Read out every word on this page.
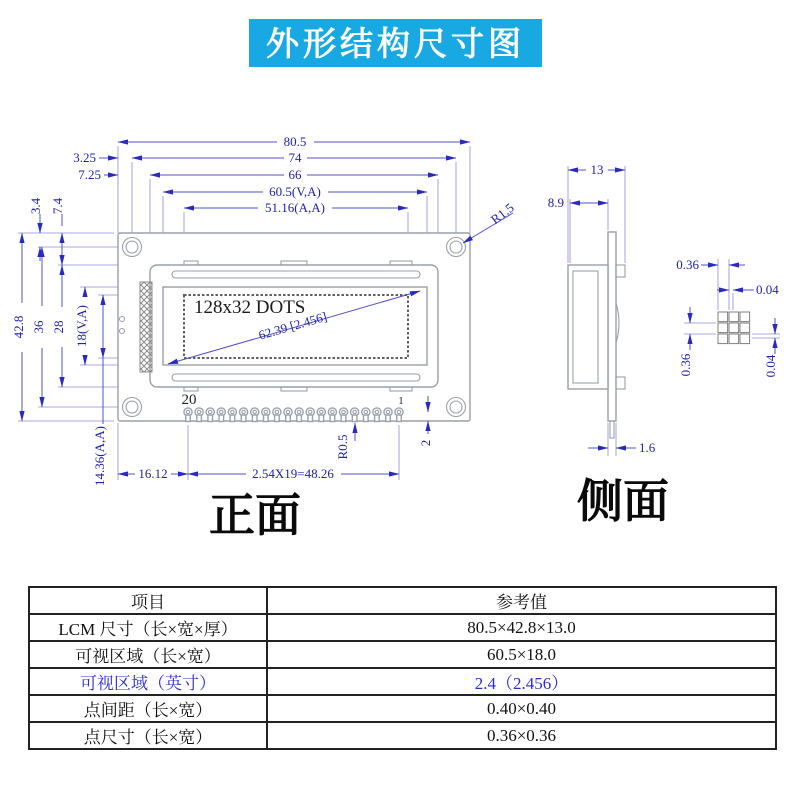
外形结构尺寸图
128x32 DOTS
62.39 [2.456]
20	1
80.5
74
3.25
66
7.25
60.5(V,A)
51.16(A,A)
42.8 36 28 18(V,A)
14.36(A,A)
3.4 7.4
16.12	2.54X19=48.26
R0.5	2
R1.5
正面
13
8.9
1.6
侧面
0.36
0.04
0.36	0.04
项目	参考值
LCM 尺寸（长×宽×厚）	80.5×42.8×13.0
可视区域（长×宽）	60.5×18.0
可视区域（英寸）	2.4（2.456）
点间距（长×宽）	0.40×0.40
点尺寸（长×宽）	0.36×0.36
